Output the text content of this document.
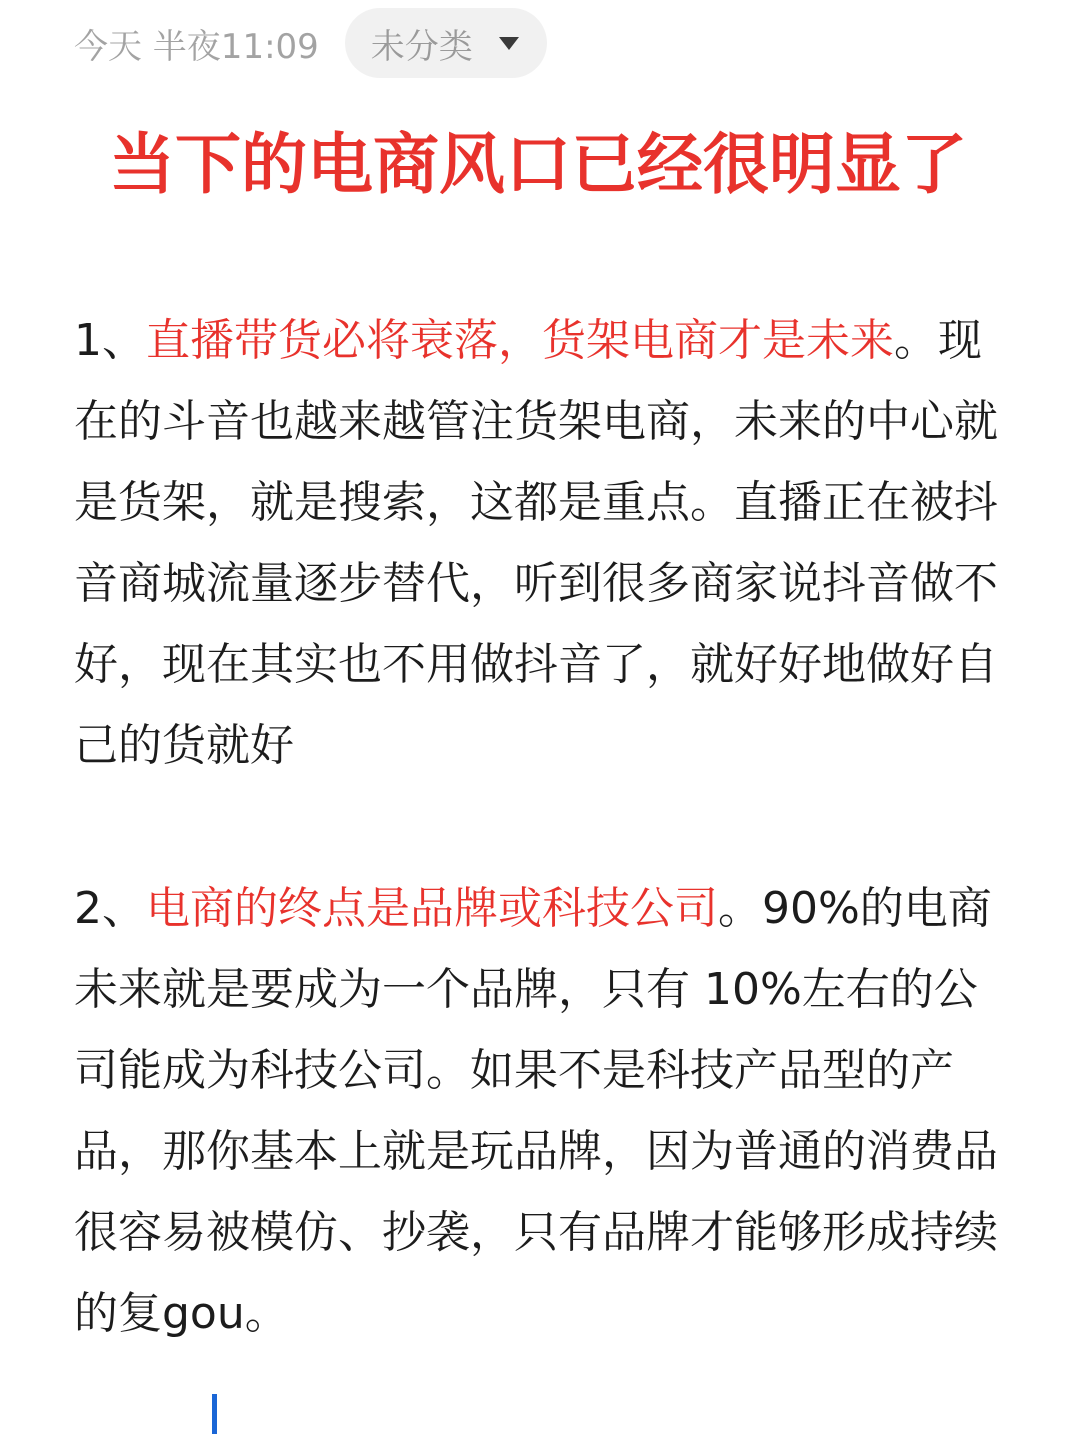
今天 半夜11:09 未分类
当下的电商风口已经很明显了

1、直播带货必将衰落，货架电商才是未来。现在的斗音也越来越管注货架电商，未来的中心就是货架，就是搜索，这都是重点。直播正在被抖音商城流量逐步替代，听到很多商家说抖音做不好，现在其实也不用做抖音了，就好好地做好自己的货就好

2、电商的终点是品牌或科技公司。90%的电商未来就是要成为一个品牌，只有 10%左右的公司能成为科技公司。如果不是科技产品型的产品，那你基本上就是玩品牌，因为普通的消费品很容易被模仿、抄袭，只有品牌才能够形成持续的复gou。
